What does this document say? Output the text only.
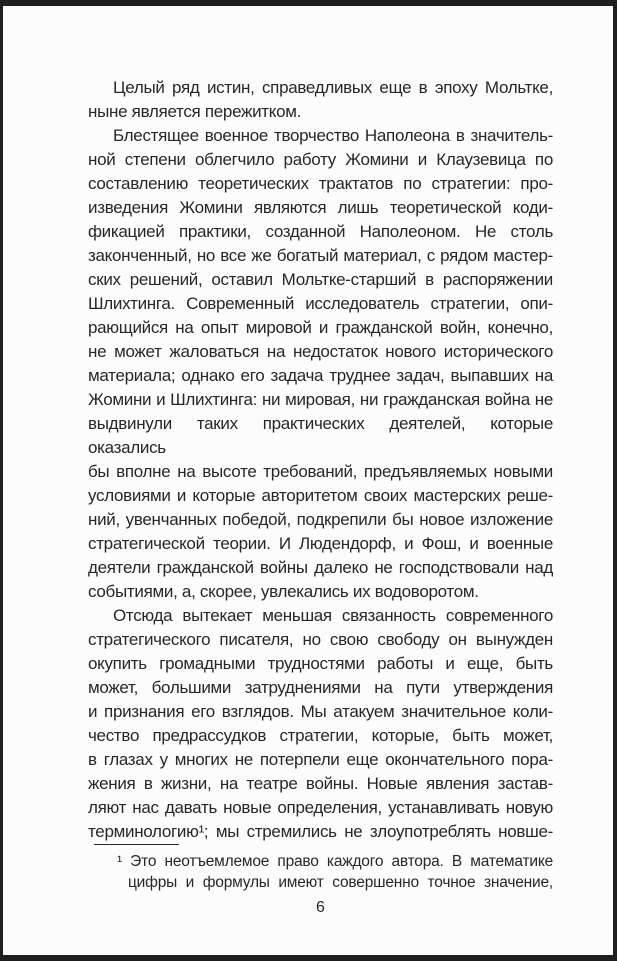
Целый ряд истин, справедливых еще в эпоху Мольтке,
ныне является пережитком.
Блестящее военное творчество Наполеона в значитель-
ной степени облегчило работу Жомини и Клаузевица по
составлению теоретических трактатов по стратегии: про-
изведения Жомини являются лишь теоретической коди-
фикацией практики, созданной Наполеоном. Не столь
законченный, но все же богатый материал, с рядом мастер-
ских решений, оставил Мольтке-старший в распоряжении
Шлихтинга. Современный исследователь стратегии, опи-
рающийся на опыт мировой и гражданской войн, конечно,
не может жаловаться на недостаток нового исторического
материала; однако его задача труднее задач, выпавших на
Жомини и Шлихтинга: ни мировая, ни гражданская война не
выдвинули таких практических деятелей, которые оказались
бы вполне на высоте требований, предъявляемых новыми
условиями и которые авторитетом своих мастерских реше-
ний, увенчанных победой, подкрепили бы новое изложение
стратегической теории. И Людендорф, и Фош, и военные
деятели гражданской войны далеко не господствовали над
событиями, а, скорее, увлекались их водоворотом.
Отсюда вытекает меньшая связанность современного
стратегического писателя, но свою свободу он вынужден
окупить громадными трудностями работы и еще, быть
может, большими затруднениями на пути утверждения
и признания его взглядов. Мы атакуем значительное коли-
чество предрассудков стратегии, которые, быть может,
в глазах у многих не потерпели еще окончательного пора-
жения в жизни, на театре войны. Новые явления застав-
ляют нас давать новые определения, устанавливать новую
терминологию¹; мы стремились не злоупотреблять новше-
¹ Это неотъемлемое право каждого автора. В математике
цифры и формулы имеют совершенно точное значение,
6
